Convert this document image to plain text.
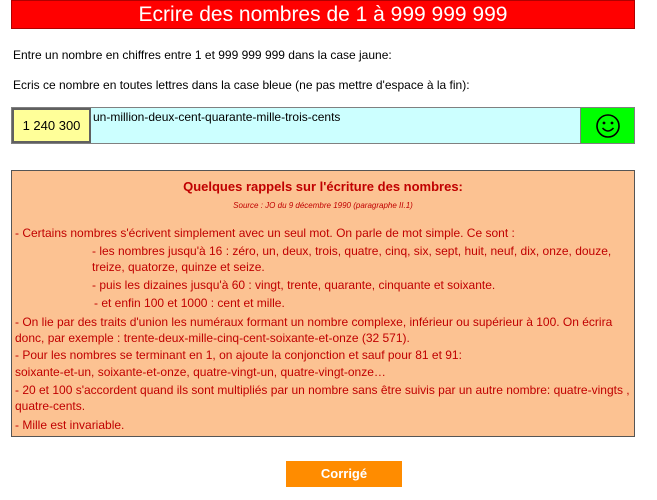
Ecrire des nombres de 1 à 999 999 999
Entre un nombre en chiffres entre 1 et 999 999 999 dans la case jaune:
Ecris ce nombre en toutes lettres dans la case bleue (ne pas mettre d'espace à la fin):
1 240 300
un-million-deux-cent-quarante-mille-trois-cents
Quelques rappels sur l'écriture des nombres:
Source : JO du 9 décembre 1990 (paragraphe II.1)
- Certains nombres s'écrivent simplement avec un seul mot. On parle de mot simple. Ce sont :
- les nombres jusqu'à 16 : zéro, un, deux, trois, quatre, cinq, six, sept, huit, neuf, dix, onze, douze,
treize, quatorze, quinze et seize.
- puis les dizaines jusqu'à 60 : vingt, trente, quarante, cinquante et soixante.
- et enfin 100 et 1000 : cent et mille.
- On lie par des traits d'union les numéraux formant un nombre complexe, inférieur ou supérieur à 100. On écrira
donc, par exemple : trente-deux-mille-cinq-cent-soixante-et-onze (32 571).
- Pour les nombres se terminant en 1, on ajoute la conjonction et sauf pour 81 et 91:
soixante-et-un, soixante-et-onze, quatre-vingt-un, quatre-vingt-onze…
- 20 et 100 s'accordent quand ils sont multipliés par un nombre sans être suivis par un autre nombre: quatre-vingts ,
quatre-cents.
- Mille est invariable.
Corrigé
